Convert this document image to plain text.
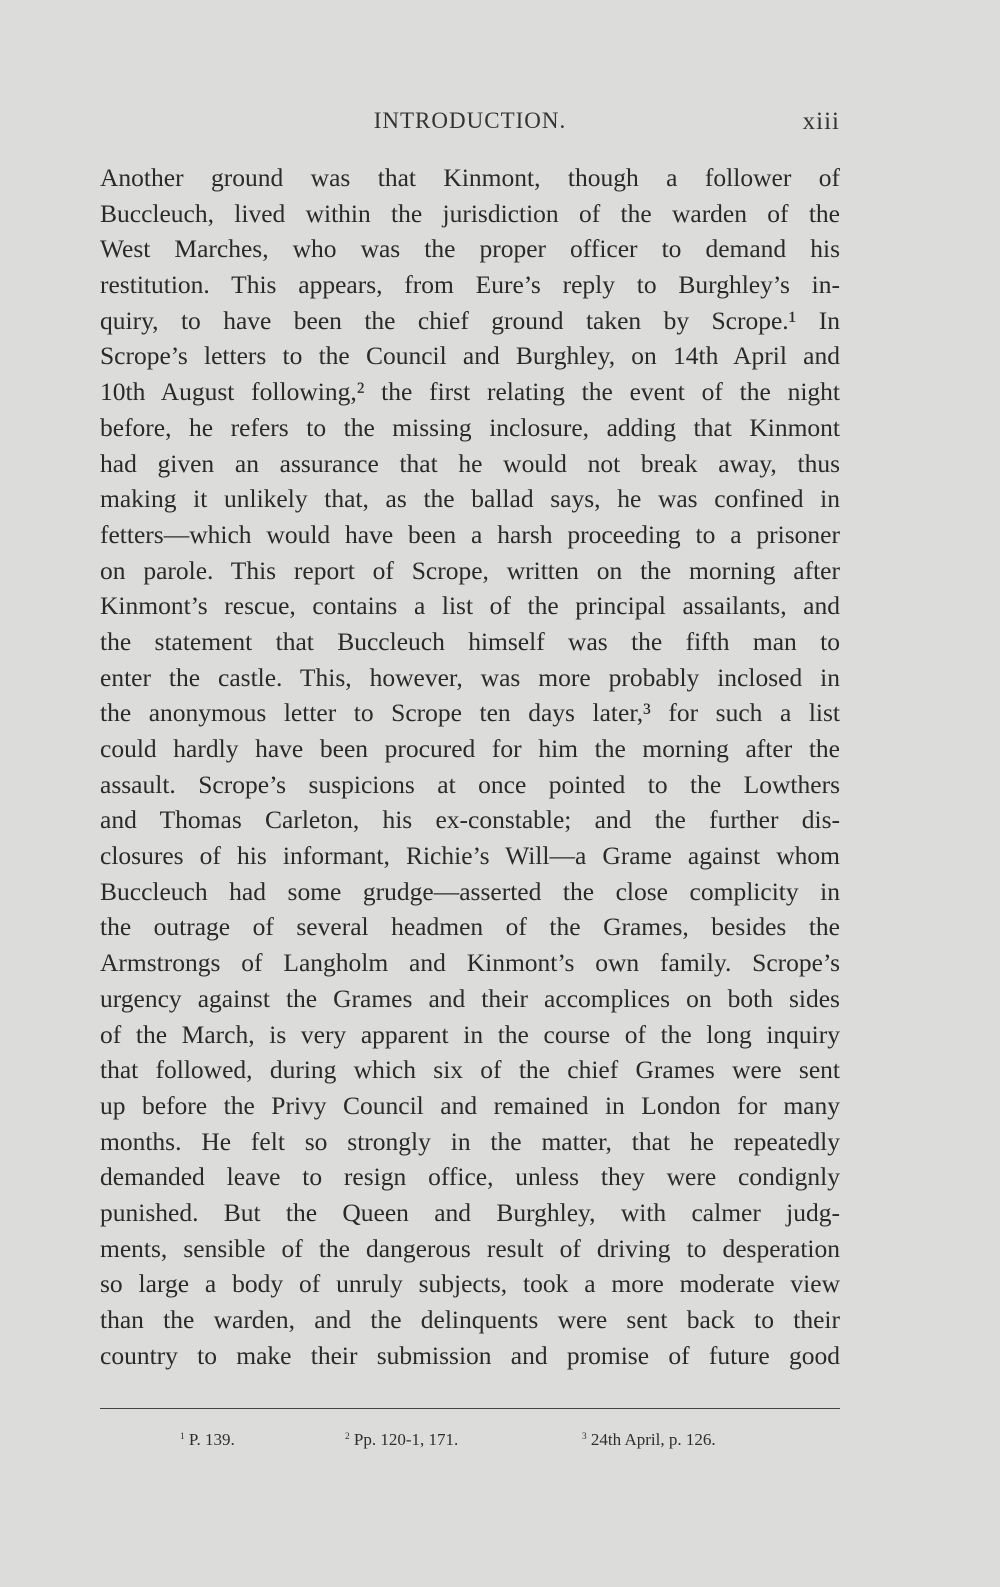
INTRODUCTION.	xiii
Another ground was that Kinmont, though a follower of
Buccleuch, lived within the jurisdiction of the warden of the
West Marches, who was the proper officer to demand his
restitution. This appears, from Eure’s reply to Burghley’s in-
quiry, to have been the chief ground taken by Scrope.¹ In
Scrope’s letters to the Council and Burghley, on 14th April and
10th August following,² the first relating the event of the night
before, he refers to the missing inclosure, adding that Kinmont
had given an assurance that he would not break away, thus
making it unlikely that, as the ballad says, he was confined in
fetters—which would have been a harsh proceeding to a prisoner
on parole. This report of Scrope, written on the morning after
Kinmont’s rescue, contains a list of the principal assailants, and
the statement that Buccleuch himself was the fifth man to
enter the castle. This, however, was more probably inclosed in
the anonymous letter to Scrope ten days later,³ for such a list
could hardly have been procured for him the morning after the
assault. Scrope’s suspicions at once pointed to the Lowthers
and Thomas Carleton, his ex-constable; and the further dis-
closures of his informant, Richie’s Will—a Grame against whom
Buccleuch had some grudge—asserted the close complicity in
the outrage of several headmen of the Grames, besides the
Armstrongs of Langholm and Kinmont’s own family. Scrope’s
urgency against the Grames and their accomplices on both sides
of the March, is very apparent in the course of the long inquiry
that followed, during which six of the chief Grames were sent
up before the Privy Council and remained in London for many
months. He felt so strongly in the matter, that he repeatedly
demanded leave to resign office, unless they were condignly
punished. But the Queen and Burghley, with calmer judg-
ments, sensible of the dangerous result of driving to desperation
so large a body of unruly subjects, took a more moderate view
than the warden, and the delinquents were sent back to their
country to make their submission and promise of future good
$^1$ P. 139.	$^2$ Pp. 120-1, 171.	$^3$ 24th April, p. 126.
